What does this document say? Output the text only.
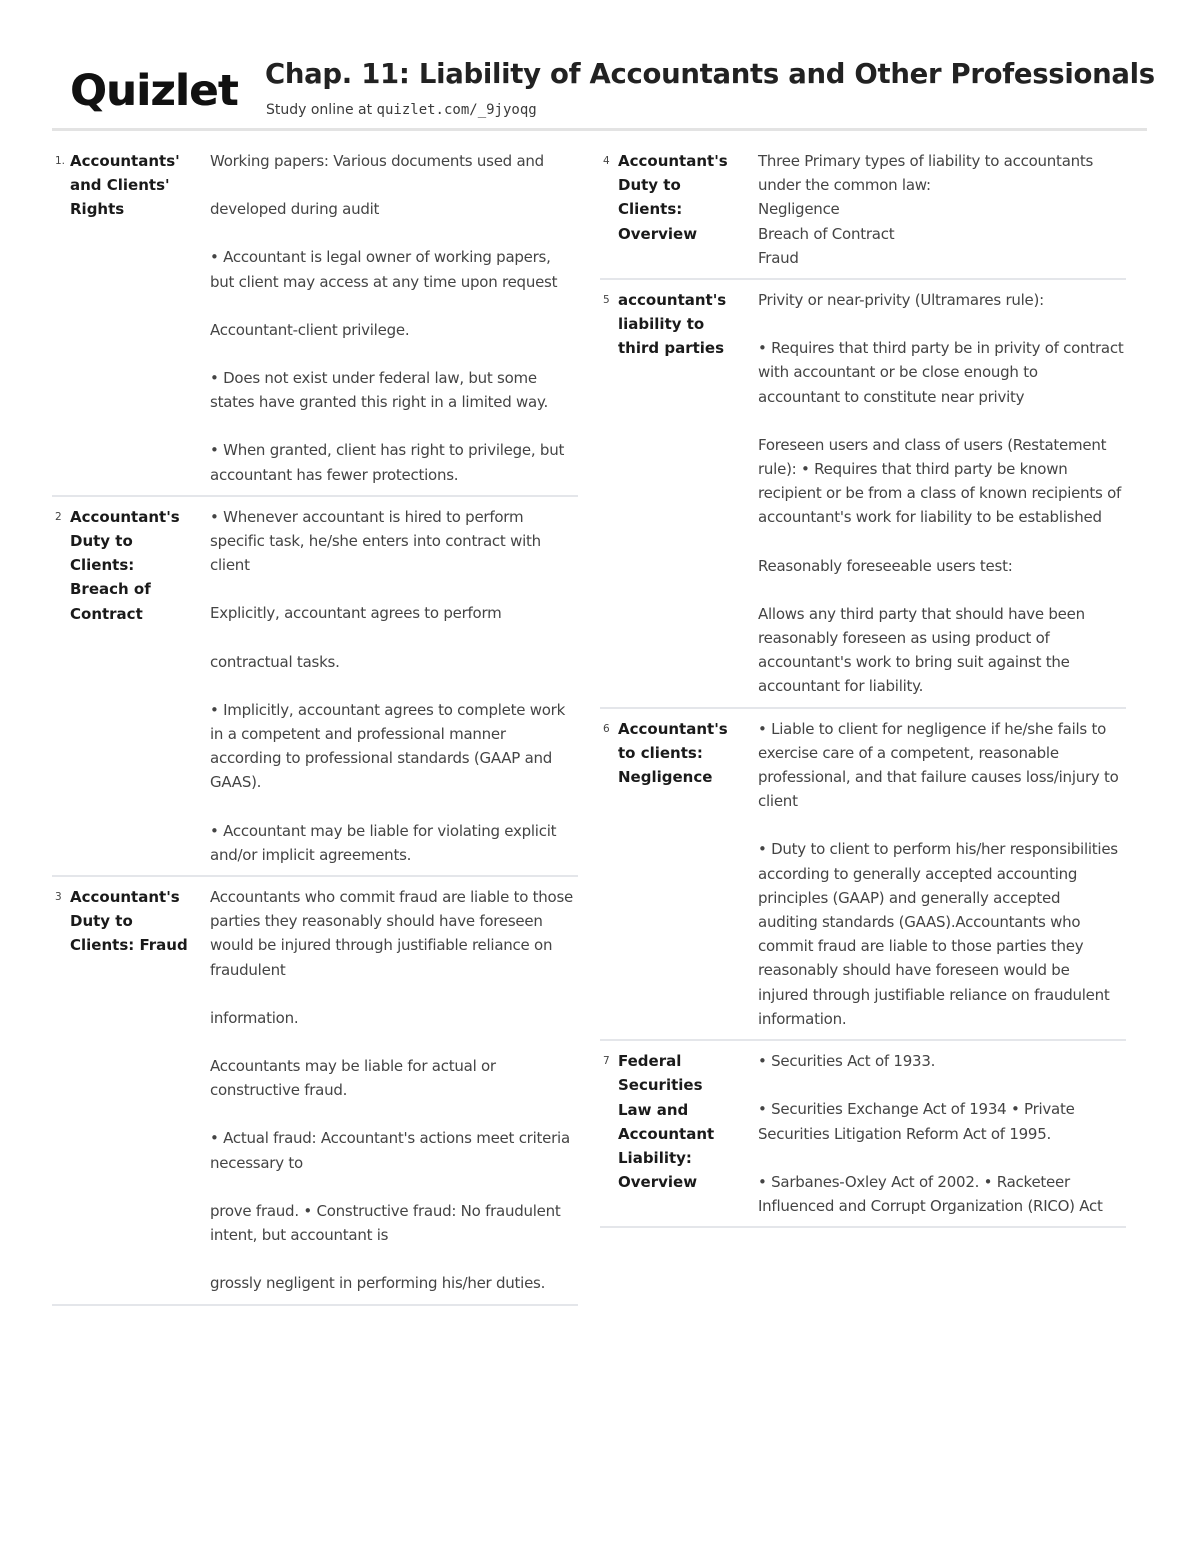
Quizlet Chap. 11: Liability of Accountants and Other Professionals
Study online at quizlet.com/_9jyoqg
1. Accountants' and Clients' Rights
Working papers: Various documents used and
developed during audit
• Accountant is legal owner of working papers, but client may access at any time upon request
Accountant-client privilege.
• Does not exist under federal law, but some states have granted this right in a limited way.
• When granted, client has right to privilege, but accountant has fewer protections.
2 Accountant's Duty to Clients: Breach of Contract
• Whenever accountant is hired to perform specific task, he/she enters into contract with client
Explicitly, accountant agrees to perform
contractual tasks.
• Implicitly, accountant agrees to complete work in a competent and professional manner according to professional standards (GAAP and GAAS).
• Accountant may be liable for violating explicit and/or implicit agreements.
3 Accountant's Duty to Clients: Fraud
Accountants who commit fraud are liable to those parties they reasonably should have foreseen would be injured through justifiable reliance on fraudulent
information.
Accountants may be liable for actual or constructive fraud.
• Actual fraud: Accountant's actions meet criteria necessary to
prove fraud. • Constructive fraud: No fraudulent intent, but accountant is
grossly negligent in performing his/her duties.
4 Accountant's Duty to Clients: Overview
Three Primary types of liability to accountants under the common law:
Negligence
Breach of Contract
Fraud
5 accountant's liability to third parties
Privity or near-privity (Ultramares rule):
• Requires that third party be in privity of contract with accountant or be close enough to accountant to constitute near privity
Foreseen users and class of users (Restatement rule): • Requires that third party be known recipient or be from a class of known recipients of accountant's work for liability to be established
Reasonably foreseeable users test:
Allows any third party that should have been reasonably foreseen as using product of accountant's work to bring suit against the accountant for liability.
6 Accountant's to clients: Negligence
• Liable to client for negligence if he/she fails to exercise care of a competent, reasonable professional, and that failure causes loss/injury to client
• Duty to client to perform his/her responsibilities according to generally accepted accounting principles (GAAP) and generally accepted auditing standards (GAAS).Accountants who commit fraud are liable to those parties they reasonably should have foreseen would be injured through justifiable reliance on fraudulent information.
7 Federal Securities Law and Accountant Liability: Overview
• Securities Act of 1933.
• Securities Exchange Act of 1934 • Private Securities Litigation Reform Act of 1995.
• Sarbanes-Oxley Act of 2002. • Racketeer Influenced and Corrupt Organization (RICO) Act
